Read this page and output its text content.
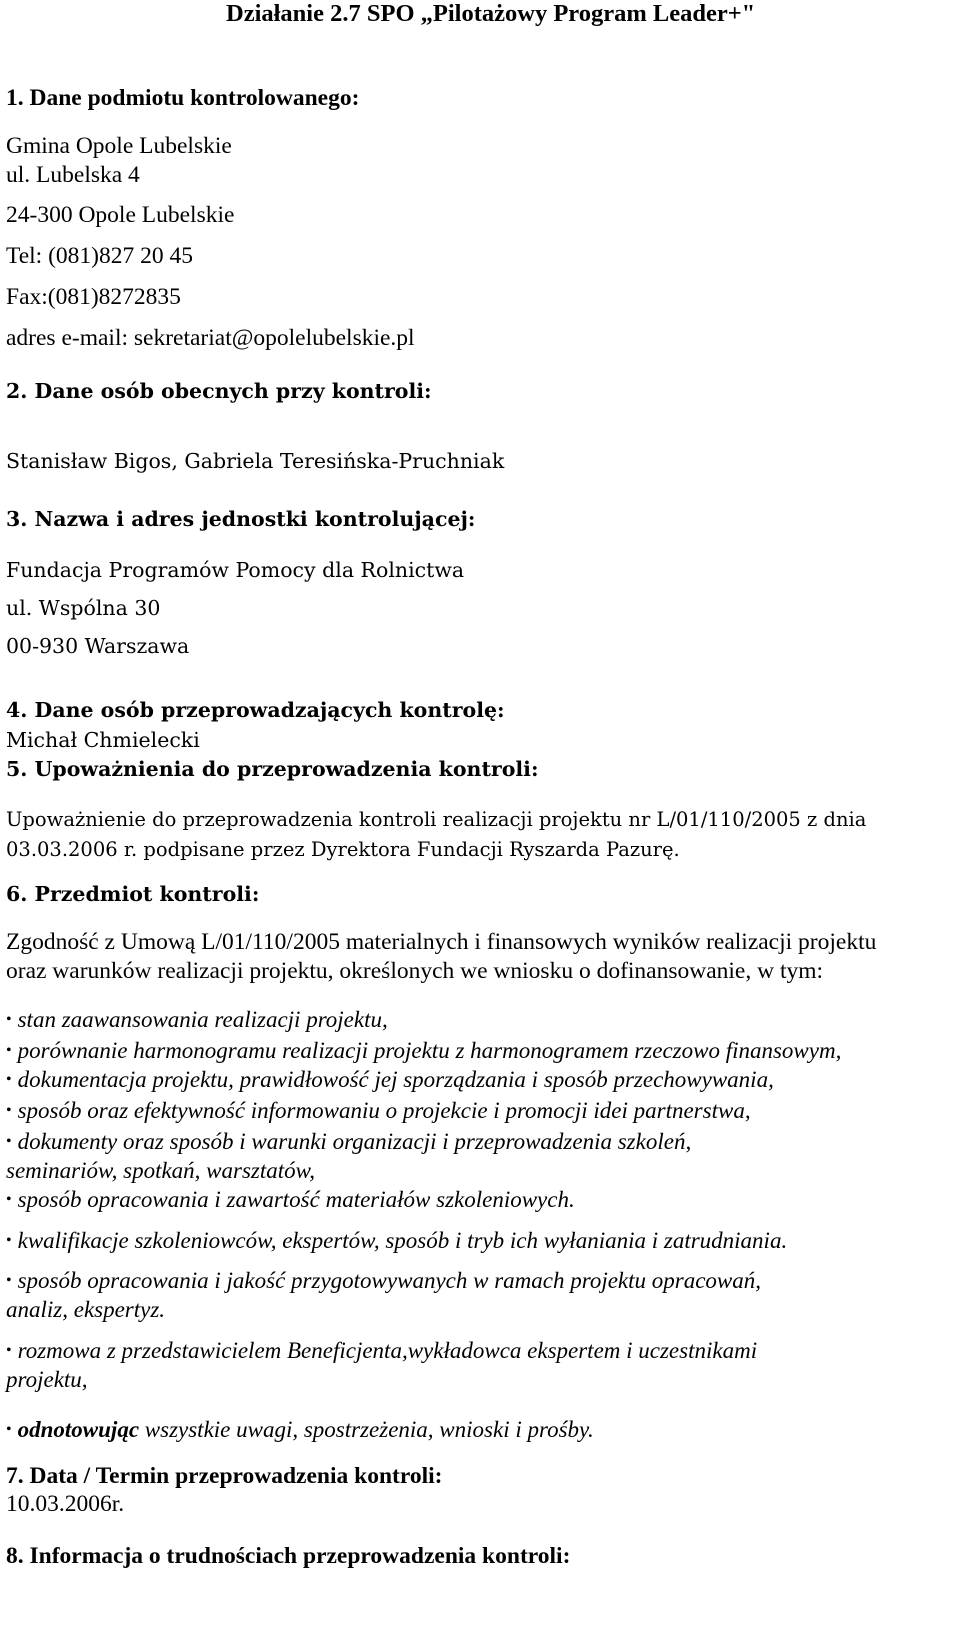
Działanie 2.7 SPO „Pilotażowy Program Leader+"
1. Dane podmiotu kontrolowanego:
Gmina Opole Lubelskie
ul. Lubelska 4
24-300 Opole Lubelskie
Tel: (081)827 20 45
Fax:(081)8272835
adres e-mail: sekretariat@opolelubelskie.pl
2. Dane osób obecnych przy kontroli:
Stanisław Bigos, Gabriela Teresińska-Pruchniak
3. Nazwa i adres jednostki kontrolującej:
Fundacja Programów Pomocy dla Rolnictwa
ul. Wspólna 30
00-930 Warszawa
4. Dane osób przeprowadzających kontrolę:
Michał Chmielecki
5. Upoważnienia do przeprowadzenia kontroli:
Upoważnienie do przeprowadzenia kontroli realizacji projektu nr L/01/110/2005 z dnia
03.03.2006 r. podpisane przez Dyrektora Fundacji Ryszarda Pazurę.
6. Przedmiot kontroli:
Zgodność z Umową L/01/110/2005 materialnych i finansowych wyników realizacji projektu
oraz warunków realizacji projektu, określonych we wniosku o dofinansowanie, w tym:
• stan zaawansowania realizacji projektu,
• porównanie harmonogramu realizacji projektu z harmonogramem rzeczowo finansowym,
• dokumentacja projektu, prawidłowość jej sporządzania i sposób przechowywania,
• sposób oraz efektywność informowaniu o projekcie i promocji idei partnerstwa,
• dokumenty oraz sposób i warunki organizacji i przeprowadzenia szkoleń,
seminariów, spotkań, warsztatów,
• sposób opracowania i zawartość materiałów szkoleniowych.
• kwalifikacje szkoleniowców, ekspertów, sposób i tryb ich wyłaniania i zatrudniania.
• sposób opracowania i jakość przygotowywanych w ramach projektu opracowań,
analiz, ekspertyz.
• rozmowa z przedstawicielem Beneficjenta,wykładowca ekspertem i uczestnikami
projektu,
• odnotowując wszystkie uwagi, spostrzeżenia, wnioski i prośby.
7. Data / Termin przeprowadzenia kontroli:
10.03.2006r.
8. Informacja o trudnościach przeprowadzenia kontroli:
